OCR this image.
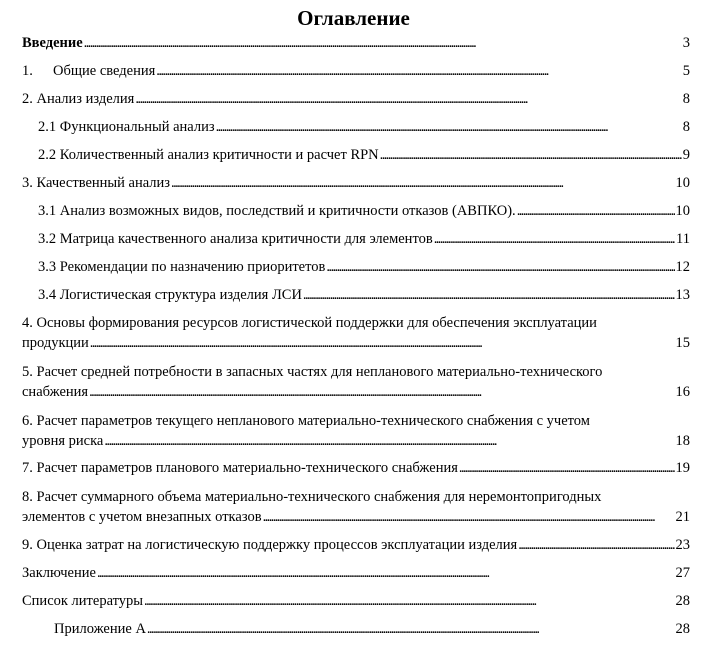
Оглавление
Введение . . .	3
1. Общие сведения . . .	5
2. Анализ изделия . . .	8
2.1 Функциональный анализ . . .	8
2.2 Количественный анализ критичности и расчет RPN . . .	9
3. Качественный анализ . . .	10
3.1 Анализ возможных видов, последствий и критичности отказов (АВПКО). . . .	10
3.2 Матрица качественного анализа критичности для элементов . . .	11
3.3 Рекомендации по назначению приоритетов . . .	12
3.4 Логистическая структура изделия ЛСИ . . .	13
4. Основы формирования ресурсов логистической поддержки для обеспечения эксплуатации
продукции . . .	15
5. Расчет средней потребности в запасных частях для непланового материально-технического
снабжения . . .	16
6. Расчет параметров текущего непланового материально-технического снабжения с учетом
уровня риска . . .	18
7. Расчет параметров планового материально-технического снабжения . . .	19
8. Расчет суммарного объема материально-технического снабжения для неремонтопригодных
элементов с учетом внезапных отказов . . .	21
9. Оценка затрат на логистическую поддержку процессов эксплуатации изделия . . .	23
Заключение . . .	27
Список литературы . . .	28
Приложение А . . .	28
